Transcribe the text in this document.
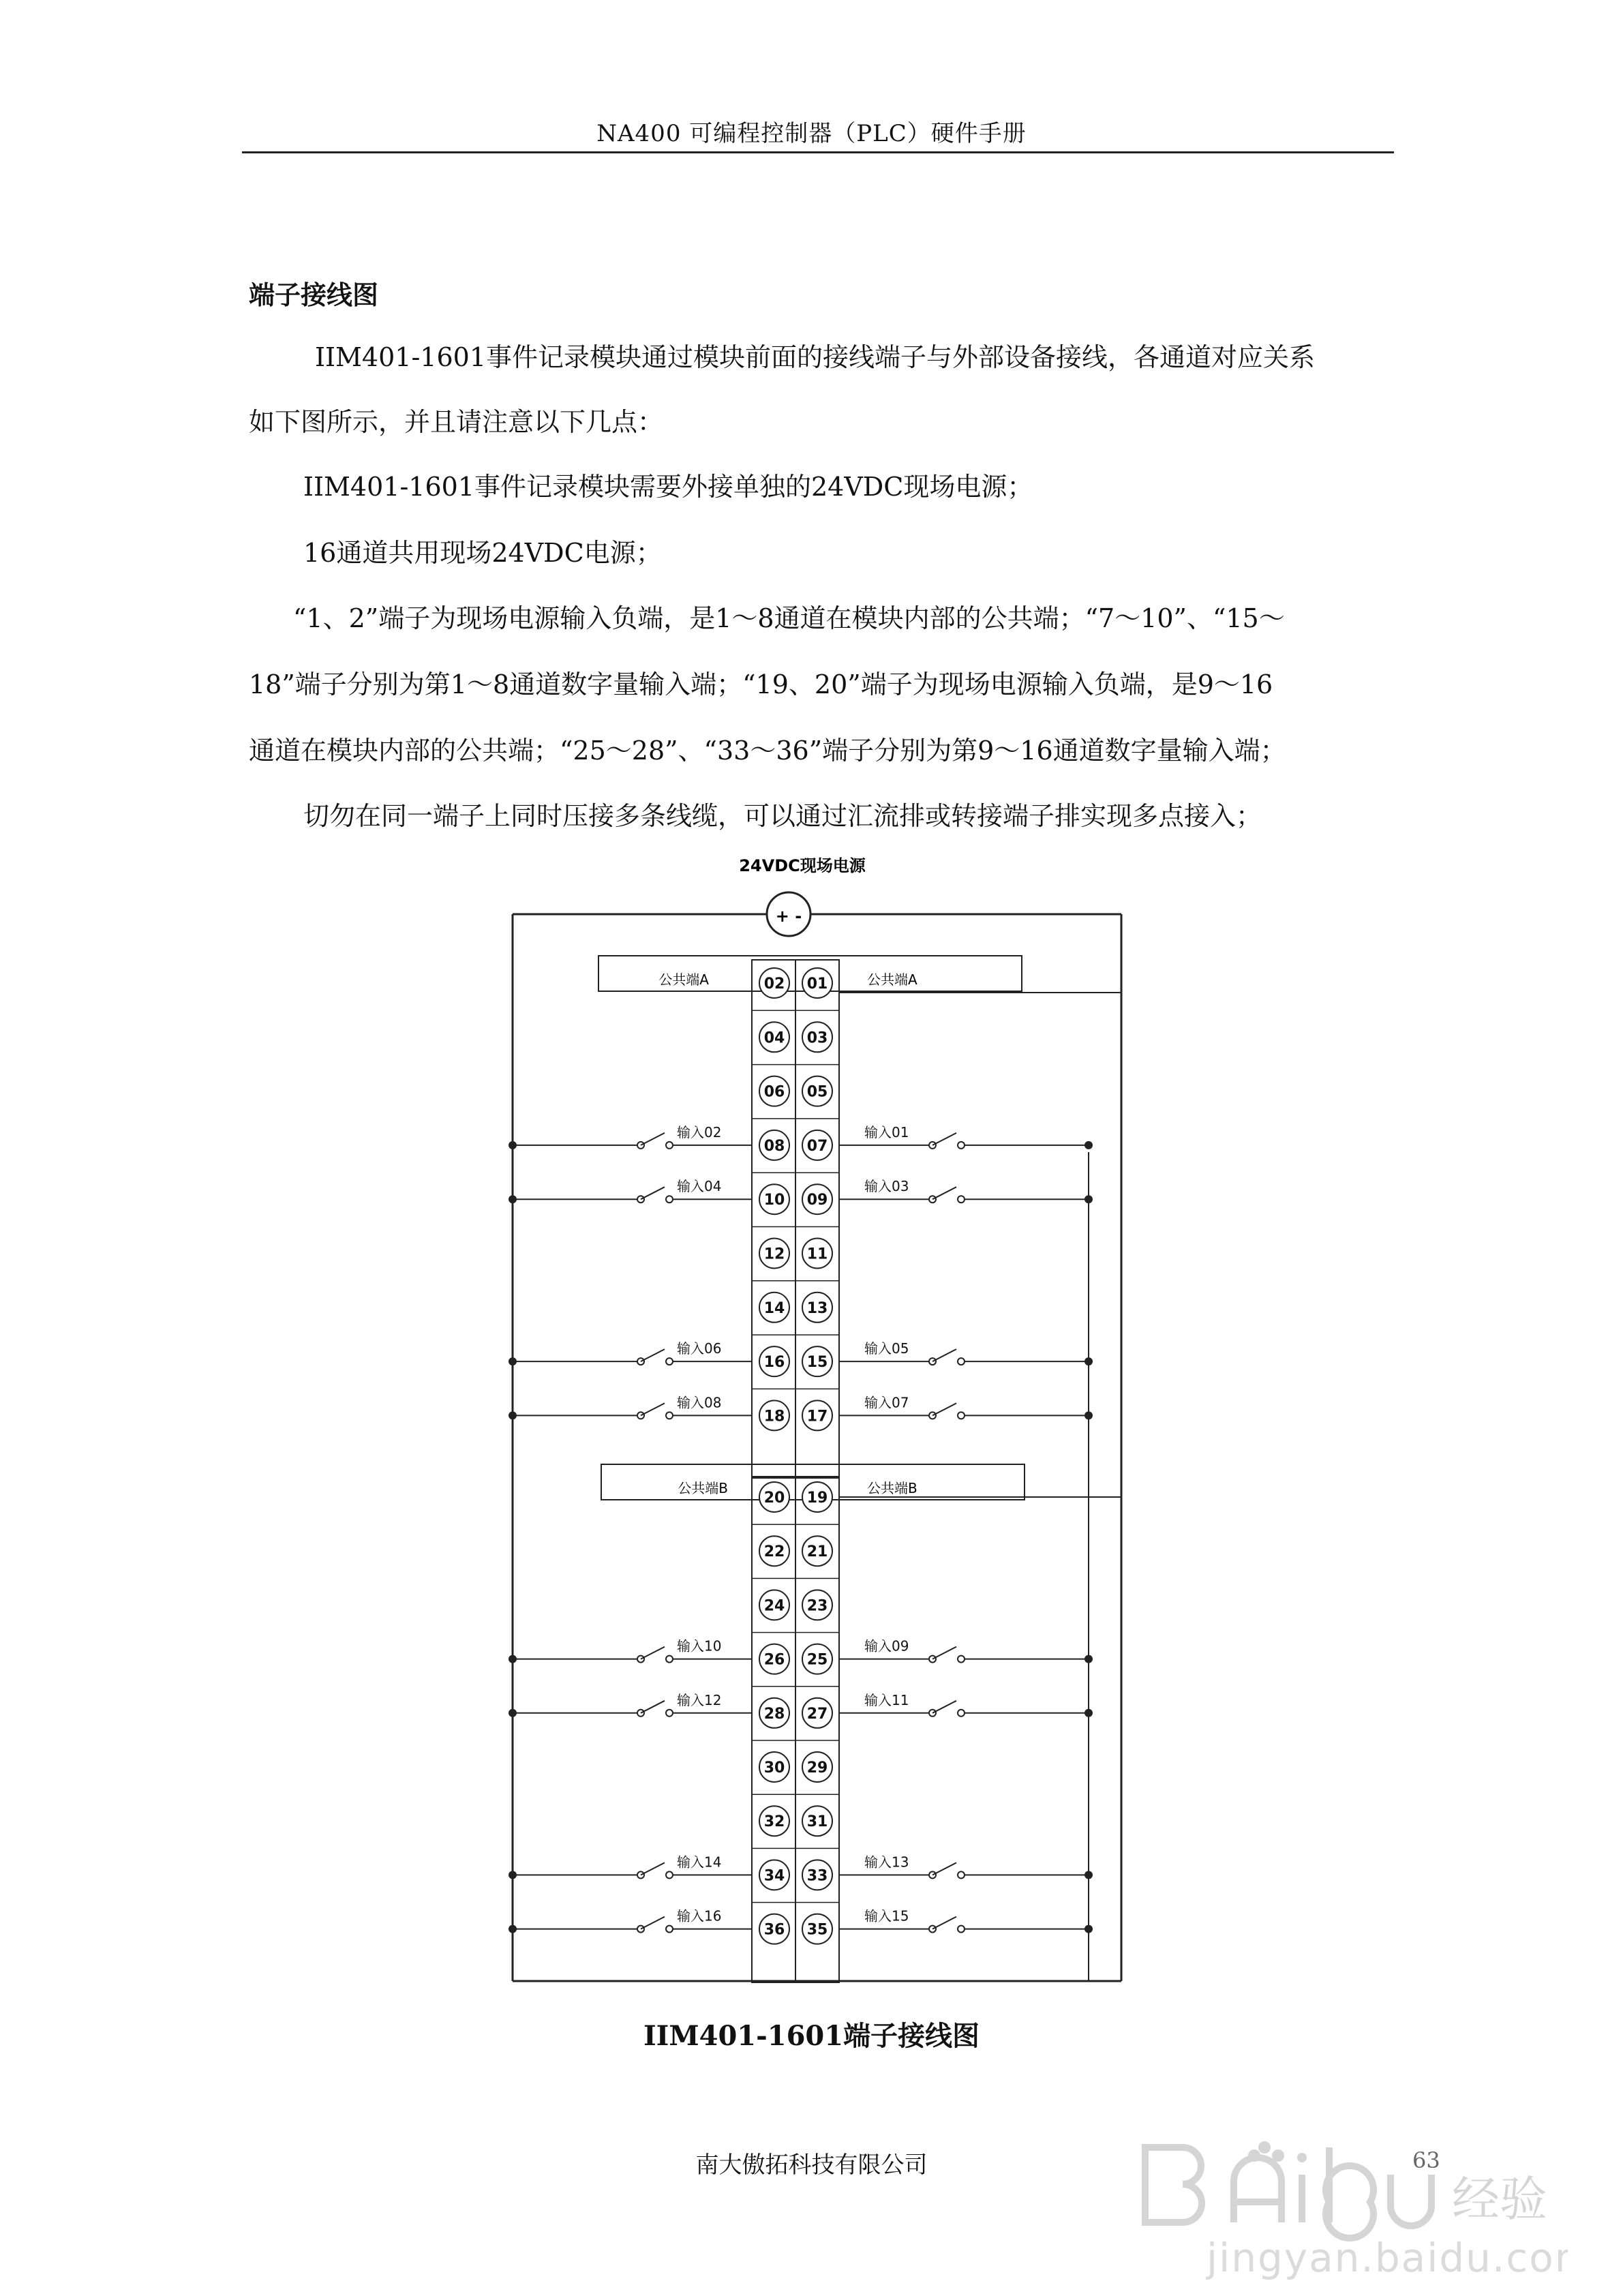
NA400 可编程控制器（PLC）硬件手册
端子接线图
IIM401-1601事件记录模块通过模块前面的接线端子与外部设备接线，各通道对应关系
如下图所示，并且请注意以下几点：
IIM401-1601事件记录模块需要外接单独的24VDC现场电源；
16通道共用现场24VDC电源；
“1、2”端子为现场电源输入负端，是1～8通道在模块内部的公共端；“7～10”、“15～
18”端子分别为第1～8通道数字量输入端；“19、20”端子为现场电源输入负端，是9～16
通道在模块内部的公共端；“25～28”、“33～36”端子分别为第9～16通道数字量输入端；
切勿在同一端子上同时压接多条线缆，可以通过汇流排或转接端子排实现多点接入；
02 01
04 03
06 05
08 07
10 09
12 11
14 13
16 15
18 17
20 19
22 21
24 23
26 25
28 27
30 29
32 31
34 33
36 35
输入02	输入01
输入04	输入03
输入06	输入05
输入08	输入07
输入10	输入09
输入12	输入11
输入14	输入13
输入16	输入15
+ -
24VDC现场电源
公共端A	公共端A
公共端B	公共端B
IIM401-1601端子接线图
南大傲拓科技有限公司	63
经验
jingyan.baidu.com
